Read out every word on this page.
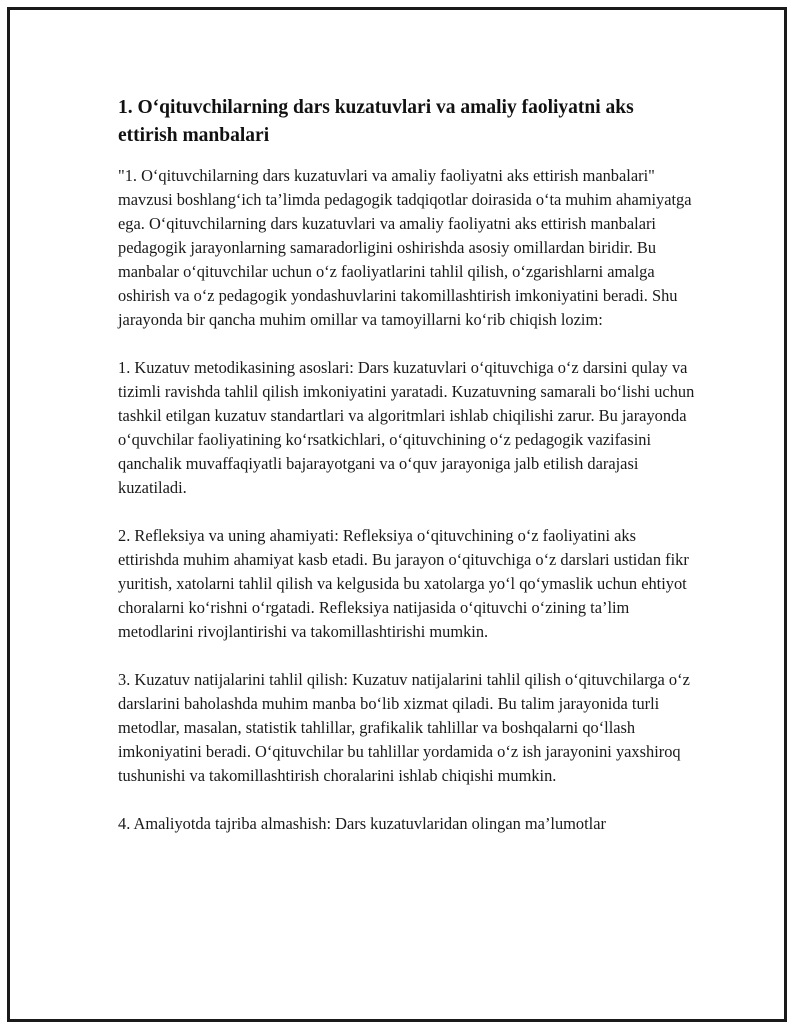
1. O‘qituvchilarning dars kuzatuvlari va amaliy faoliyatni aks ettirish manbalari

"1. O‘qituvchilarning dars kuzatuvlari va amaliy faoliyatni aks ettirish manbalari" mavzusi boshlang‘ich ta’limda pedagogik tadqiqotlar doirasida o‘ta muhim ahamiyatga ega. O‘qituvchilarning dars kuzatuvlari va amaliy faoliyatni aks ettirish manbalari pedagogik jarayonlarning samaradorligini oshirishda asosiy omillardan biridir. Bu manbalar o‘qituvchilar uchun o‘z faoliyatlarini tahlil qilish, o‘zgarishlarni amalga oshirish va o‘z pedagogik yondashuvlarini takomillashtirish imkoniyatini beradi. Shu jarayonda bir qancha muhim omillar va tamoyillarni ko‘rib chiqish lozim:

1. Kuzatuv metodikasining asoslari: Dars kuzatuvlari o‘qituvchiga o‘z darsini qulay va tizimli ravishda tahlil qilish imkoniyatini yaratadi. Kuzatuvning samarali bo‘lishi uchun tashkil etilgan kuzatuv standartlari va algoritmlari ishlab chiqilishi zarur. Bu jarayonda o‘quvchilar faoliyatining ko‘rsatkichlari, o‘qituvchining o‘z pedagogik vazifasini qanchalik muvaffaqiyatli bajarayotgani va o‘quv jarayoniga jalb etilish darajasi kuzatiladi.

2. Refleksiya va uning ahamiyati: Refleksiya o‘qituvchining o‘z faoliyatini aks ettirishda muhim ahamiyat kasb etadi. Bu jarayon o‘qituvchiga o‘z darslari ustidan fikr yuritish, xatolarni tahlil qilish va kelgusida bu xatolarga yo‘l qo‘ymaslik uchun ehtiyot choralarni ko‘rishni o‘rgatadi. Refleksiya natijasida o‘qituvchi o‘zining ta’lim metodlarini rivojlantirishi va takomillashtirishi mumkin.

3. Kuzatuv natijalarini tahlil qilish: Kuzatuv natijalarini tahlil qilish o‘qituvchilarga o‘z darslarini baholashda muhim manba bo‘lib xizmat qiladi. Bu talim jarayonida turli metodlar, masalan, statistik tahlillar, grafikalik tahlillar va boshqalarni qo‘llash imkoniyatini beradi. O‘qituvchilar bu tahlillar yordamida o‘z ish jarayonini yaxshiroq tushunishi va takomillashtirish choralarini ishlab chiqishi mumkin.

4. Amaliyotda tajriba almashish: Dars kuzatuvlaridan olingan ma’lumotlar
